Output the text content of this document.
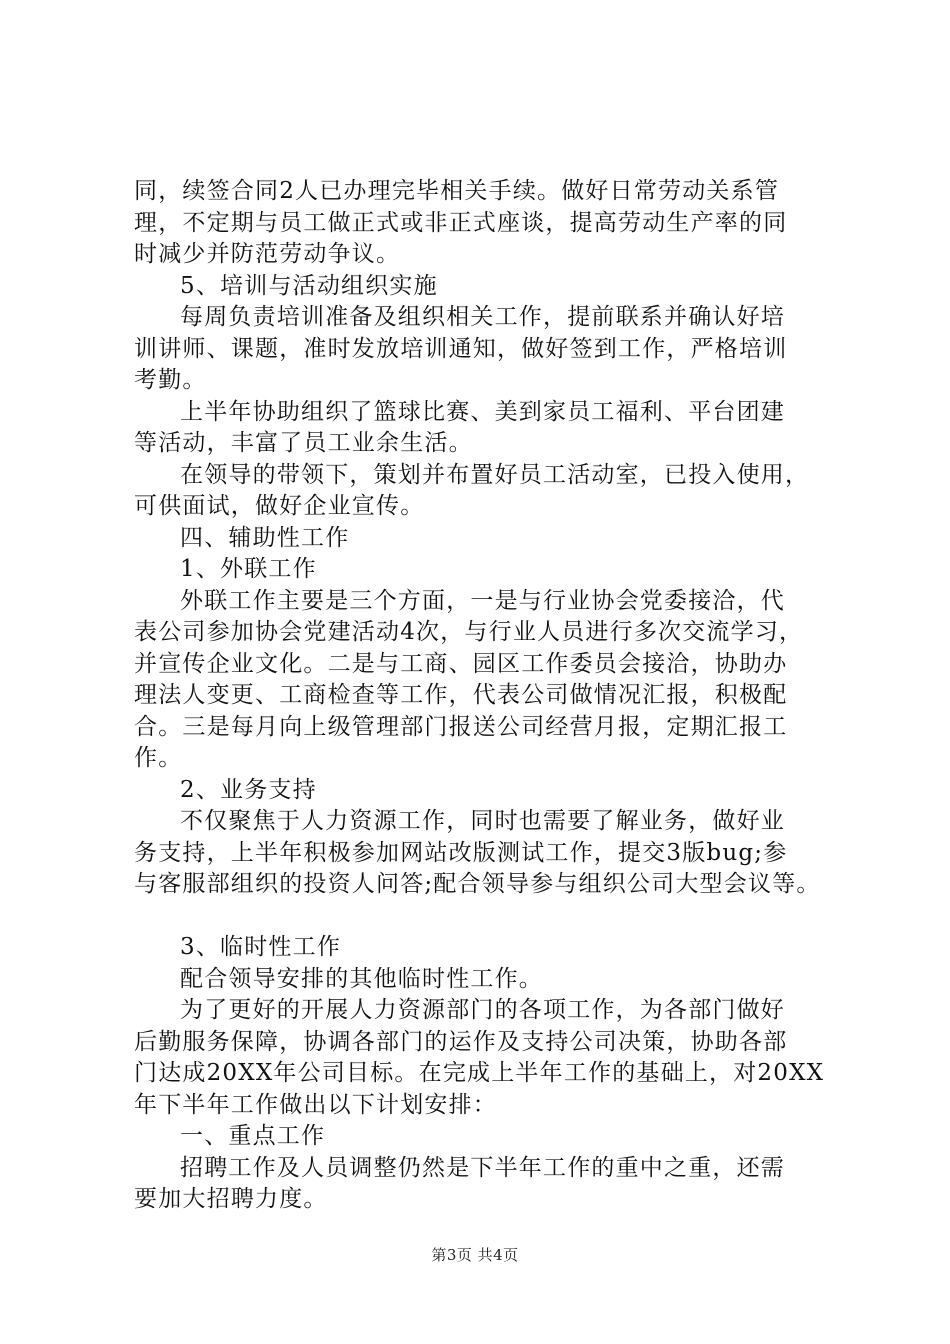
同，续签合同2人已办理完毕相关手续。做好日常劳动关系管
理，不定期与员工做正式或非正式座谈，提高劳动生产率的同
时减少并防范劳动争议。
5、培训与活动组织实施
每周负责培训准备及组织相关工作，提前联系并确认好培
训讲师、课题，准时发放培训通知，做好签到工作，严格培训
考勤。
上半年协助组织了篮球比赛、美到家员工福利、平台团建
等活动，丰富了员工业余生活。
在领导的带领下，策划并布置好员工活动室，已投入使用，
可供面试，做好企业宣传。
四、辅助性工作
1、外联工作
外联工作主要是三个方面，一是与行业协会党委接洽，代
表公司参加协会党建活动4次，与行业人员进行多次交流学习，
并宣传企业文化。二是与工商、园区工作委员会接洽，协助办
理法人变更、工商检查等工作，代表公司做情况汇报，积极配
合。三是每月向上级管理部门报送公司经营月报，定期汇报工
作。
2、业务支持
不仅聚焦于人力资源工作，同时也需要了解业务，做好业
务支持，上半年积极参加网站改版测试工作，提交3版bug;参
与客服部组织的投资人问答;配合领导参与组织公司大型会议等。
3、临时性工作
配合领导安排的其他临时性工作。
为了更好的开展人力资源部门的各项工作，为各部门做好
后勤服务保障，协调各部门的运作及支持公司决策，协助各部
门达成20XX年公司目标。在完成上半年工作的基础上，对20XX
年下半年工作做出以下计划安排：
一、重点工作
招聘工作及人员调整仍然是下半年工作的重中之重，还需
要加大招聘力度。
第3页 共4页
